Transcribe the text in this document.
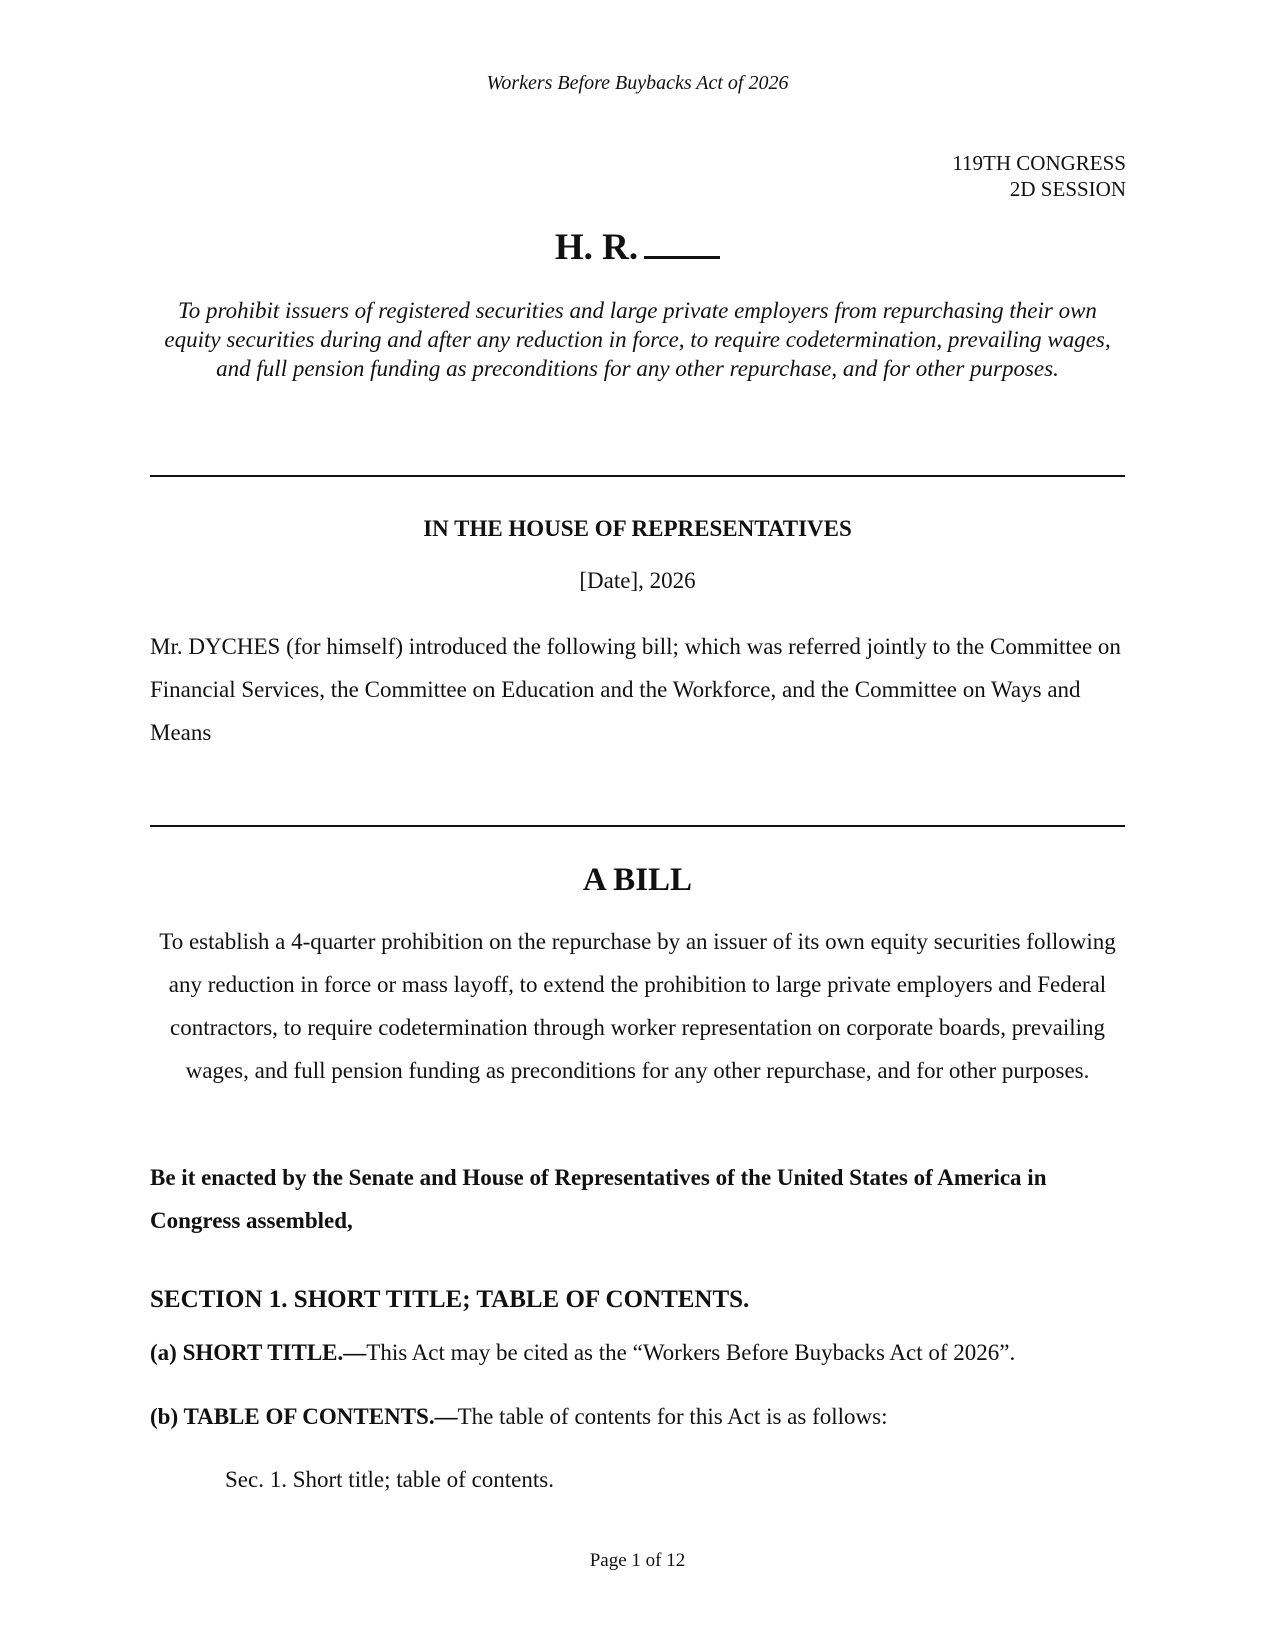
Workers Before Buybacks Act of 2026
119TH CONGRESS
2D SESSION
H. R.
To prohibit issuers of registered securities and large private employers from repurchasing their own equity securities during and after any reduction in force, to require codetermination, prevailing wages, and full pension funding as preconditions for any other repurchase, and for other purposes.
IN THE HOUSE OF REPRESENTATIVES
[Date], 2026
Mr. DYCHES (for himself) introduced the following bill; which was referred jointly to the Committee on Financial Services, the Committee on Education and the Workforce, and the Committee on Ways and Means
A BILL
To establish a 4-quarter prohibition on the repurchase by an issuer of its own equity securities following any reduction in force or mass layoff, to extend the prohibition to large private employers and Federal contractors, to require codetermination through worker representation on corporate boards, prevailing wages, and full pension funding as preconditions for any other repurchase, and for other purposes.
Be it enacted by the Senate and House of Representatives of the United States of America in Congress assembled,
SECTION 1. SHORT TITLE; TABLE OF CONTENTS.
(a) SHORT TITLE.—This Act may be cited as the “Workers Before Buybacks Act of 2026”.
(b) TABLE OF CONTENTS.—The table of contents for this Act is as follows:
Sec. 1. Short title; table of contents.
Page 1 of 12
